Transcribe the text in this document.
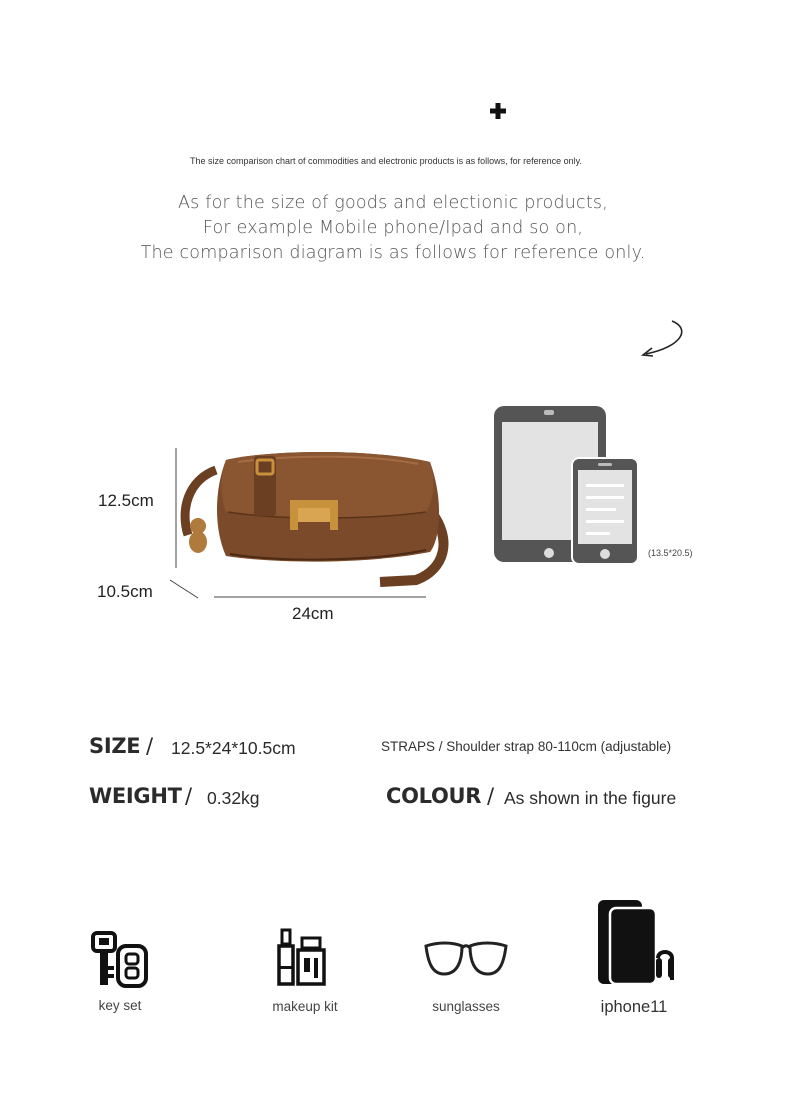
The size comparison chart of commodities and electronic products is as follows, for reference only.
As for the size of goods and electionic products,
For example Mobile phone/Ipad and so on,
The comparison diagram is as follows for reference only.
12.5cm
10.5cm
24cm
(13.5*20.5)
SIZE / 12.5*24*10.5cm	STRAPS / Shoulder strap 80-110cm (adjustable)
WEIGHT / 0.32kg	COLOUR / As shown in the figure
key set	makeup kit	sunglasses	iphone11
